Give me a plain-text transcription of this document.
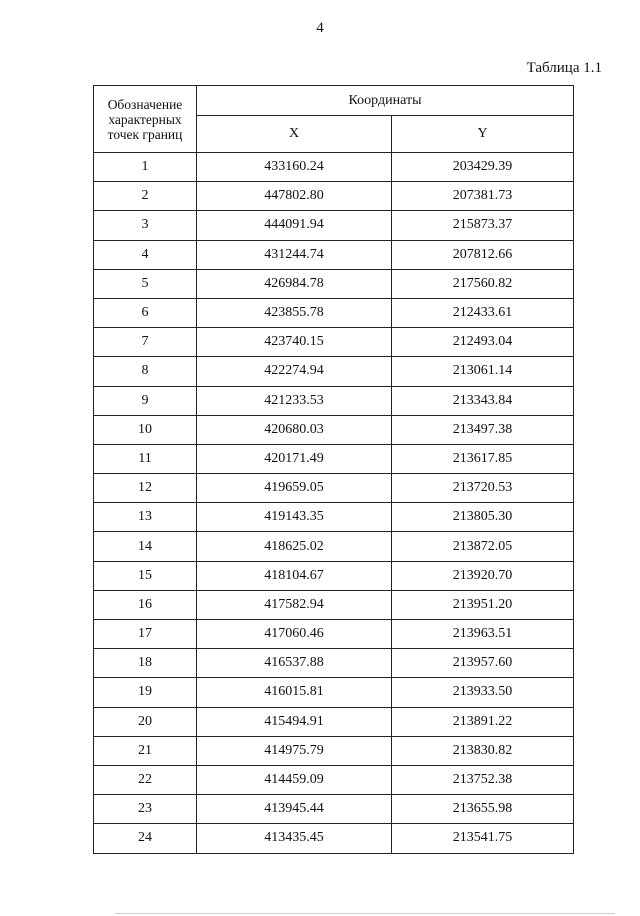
4
Таблица 1.1
Обозначение характерных точек границ	Координаты	
	X	Y
1	433160.24	203429.39
2	447802.80	207381.73
3	444091.94	215873.37
4	431244.74	207812.66
5	426984.78	217560.82
6	423855.78	212433.61
7	423740.15	212493.04
8	422274.94	213061.14
9	421233.53	213343.84
10	420680.03	213497.38
11	420171.49	213617.85
12	419659.05	213720.53
13	419143.35	213805.30
14	418625.02	213872.05
15	418104.67	213920.70
16	417582.94	213951.20
17	417060.46	213963.51
18	416537.88	213957.60
19	416015.81	213933.50
20	415494.91	213891.22
21	414975.79	213830.82
22	414459.09	213752.38
23	413945.44	213655.98
24	413435.45	213541.75
